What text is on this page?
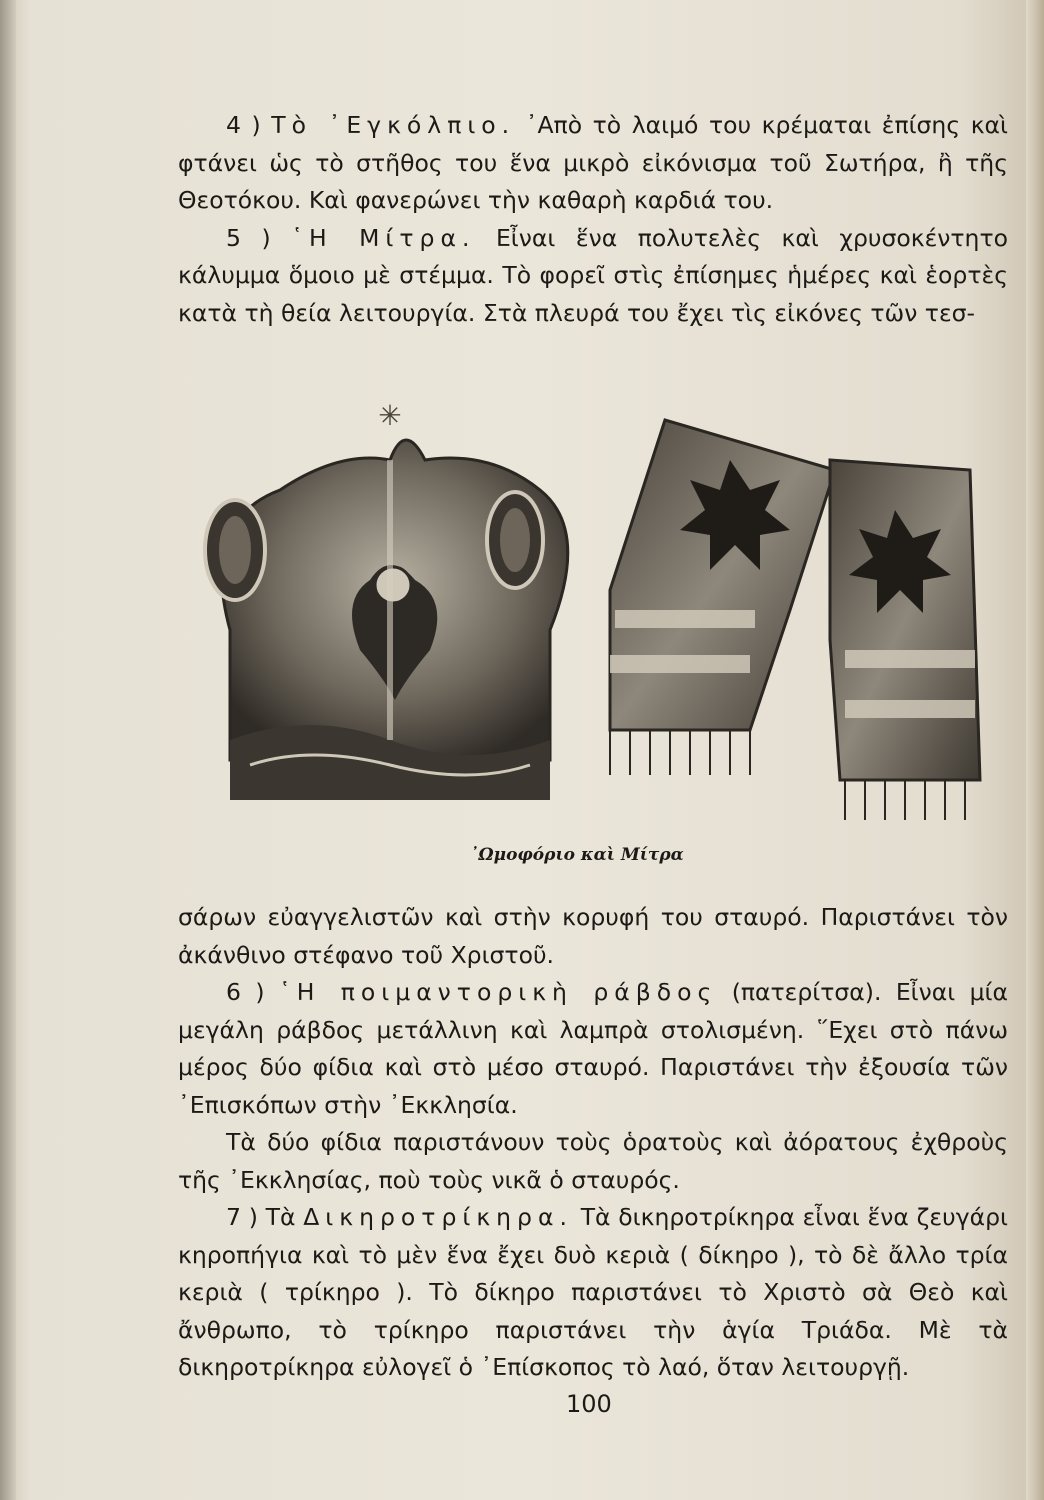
4 ) Τὸ ᾿Εγκόλπιο. ᾿Απὸ τὸ λαιμό του κρέμαται ἐπίσης καὶ φτάνει ὡς τὸ στῆθος του ἕνα μικρὸ εἰκόνισμα τοῦ Σωτήρα, ἢ τῆς Θεοτόκου. Καὶ φανερώνει τὴν καθαρὴ καρδιά του.

5 ) ῾Η Μίτρα. Εἶναι ἕνα πολυτελὲς καὶ χρυσοκέντητο κάλυμμα ὅμοιο μὲ στέμμα. Τὸ φορεῖ στὶς ἐπίσημες ἡμέρες καὶ ἑορτὲς κατὰ τὴ θεία λειτουργία. Στὰ πλευρά του ἔχει τὶς εἰκόνες τῶν τεσ-

✳
᾿Ωμοφόριο καὶ Μίτρα

σάρων εὐαγγελιστῶν καὶ στὴν κορυφή του σταυρό. Παριστάνει τὸν ἀκάνθινο στέφανο τοῦ Χριστοῦ.

6 ) ῾Η ποιμαντορικὴ ράβδος (πατερίτσα). Εἶναι μία μεγάλη ράβδος μετάλλινη καὶ λαμπρὰ στολισμένη. ῞Εχει στὸ πάνω μέρος δύο φίδια καὶ στὸ μέσο σταυρό. Παριστάνει τὴν ἐξουσία τῶν ᾿Επισκόπων στὴν ᾿Εκκλησία.

Τὰ δύο φίδια παριστάνουν τοὺς ὁρατοὺς καὶ ἀόρατους ἐχθροὺς τῆς ᾿Εκκλησίας, ποὺ τοὺς νικᾶ ὁ σταυρός.

7 ) Τὰ Δικηροτρίκηρα. Τὰ δικηροτρίκηρα εἶναι ἕνα ζευγάρι κηροπήγια καὶ τὸ μὲν ἕνα ἔχει δυὸ κεριὰ ( δίκηρο ), τὸ δὲ ἄλλο τρία κεριὰ ( τρίκηρο ). Τὸ δίκηρο παριστάνει τὸ Χριστὸ σὰ Θεὸ καὶ ἄνθρωπο, τὸ τρίκηρο παριστάνει τὴν ἁγία Τριάδα. Μὲ τὰ δικηροτρίκηρα εὐλογεῖ ὁ ᾿Επίσκοπος τὸ λαό, ὅταν λειτουργῇ.

100
